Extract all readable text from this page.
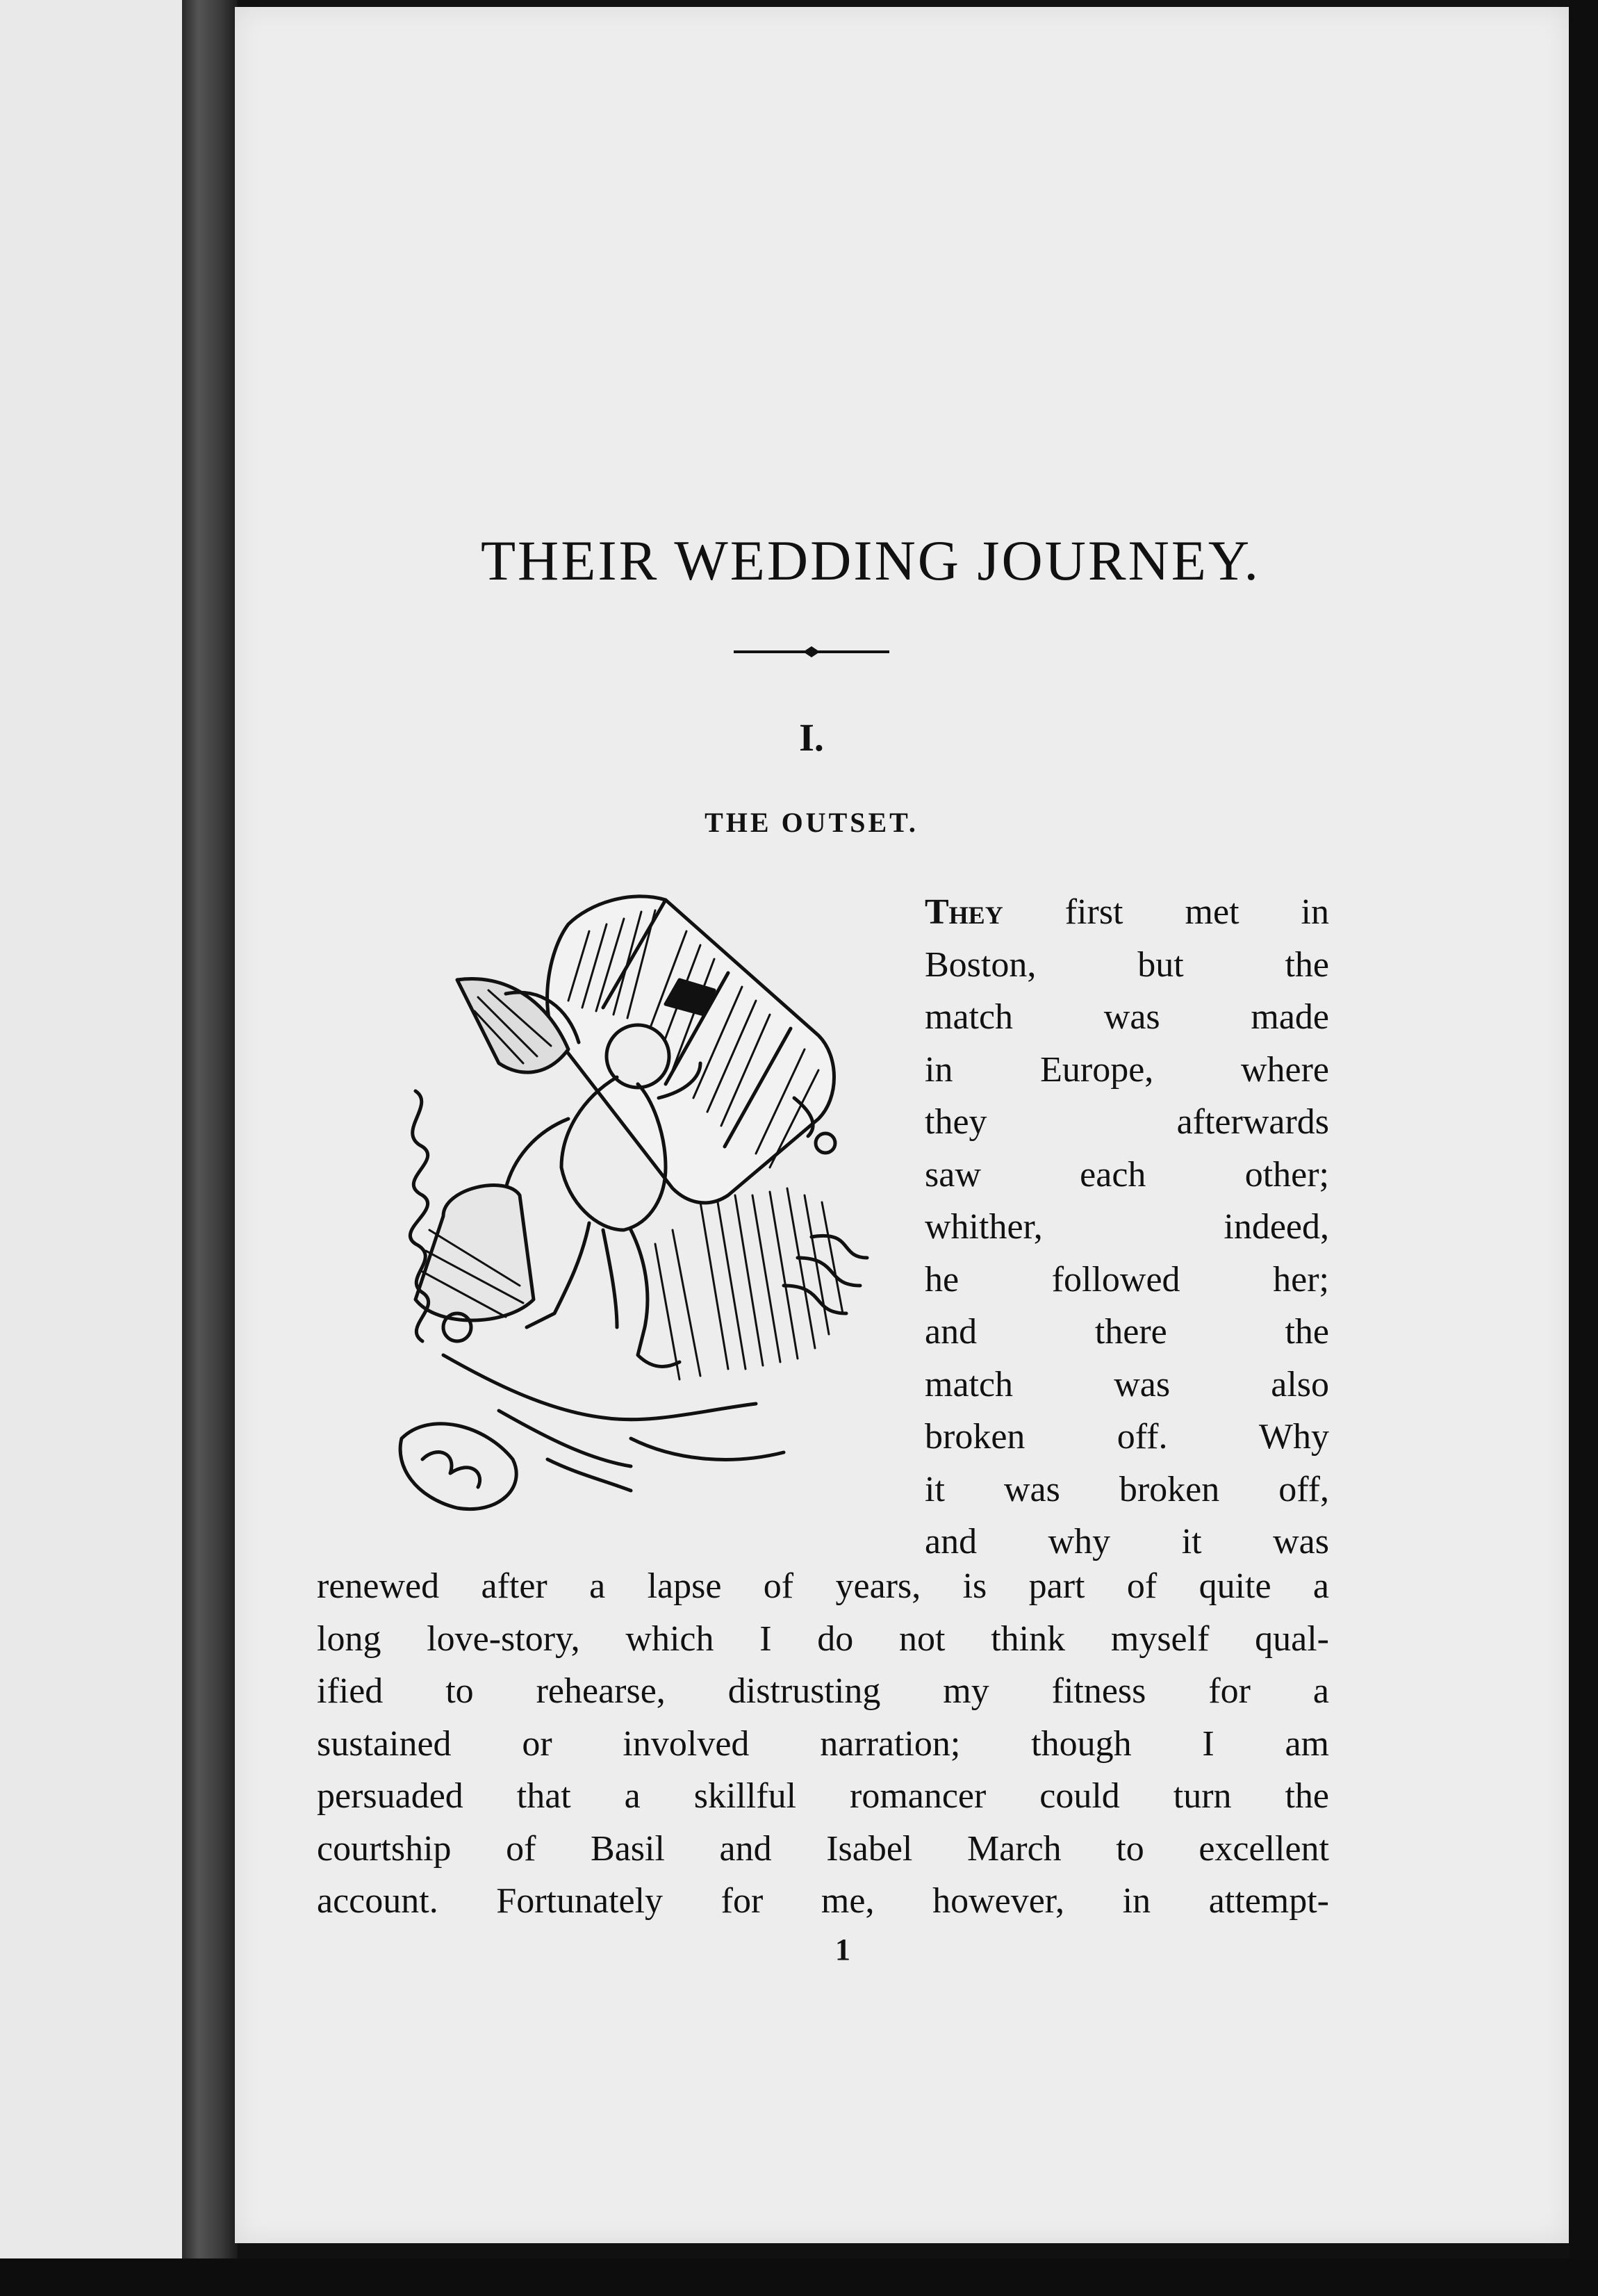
THEIR WEDDING JOURNEY.
I.
THE OUTSET.
They first met in
Boston, but the
match was made
in Europe, where
they afterwards
saw each other;
whither, indeed,
he followed her;
and there the
match was also
broken off. Why
it was broken off,
and why it was
renewed after a lapse of years, is part of quite a
long love-story, which I do not think myself qual-
ified to rehearse, distrusting my fitness for a
sustained or involved narration; though I am
persuaded that a skillful romancer could turn the
courtship of Basil and Isabel March to excellent
account. Fortunately for me, however, in attempt-
1
